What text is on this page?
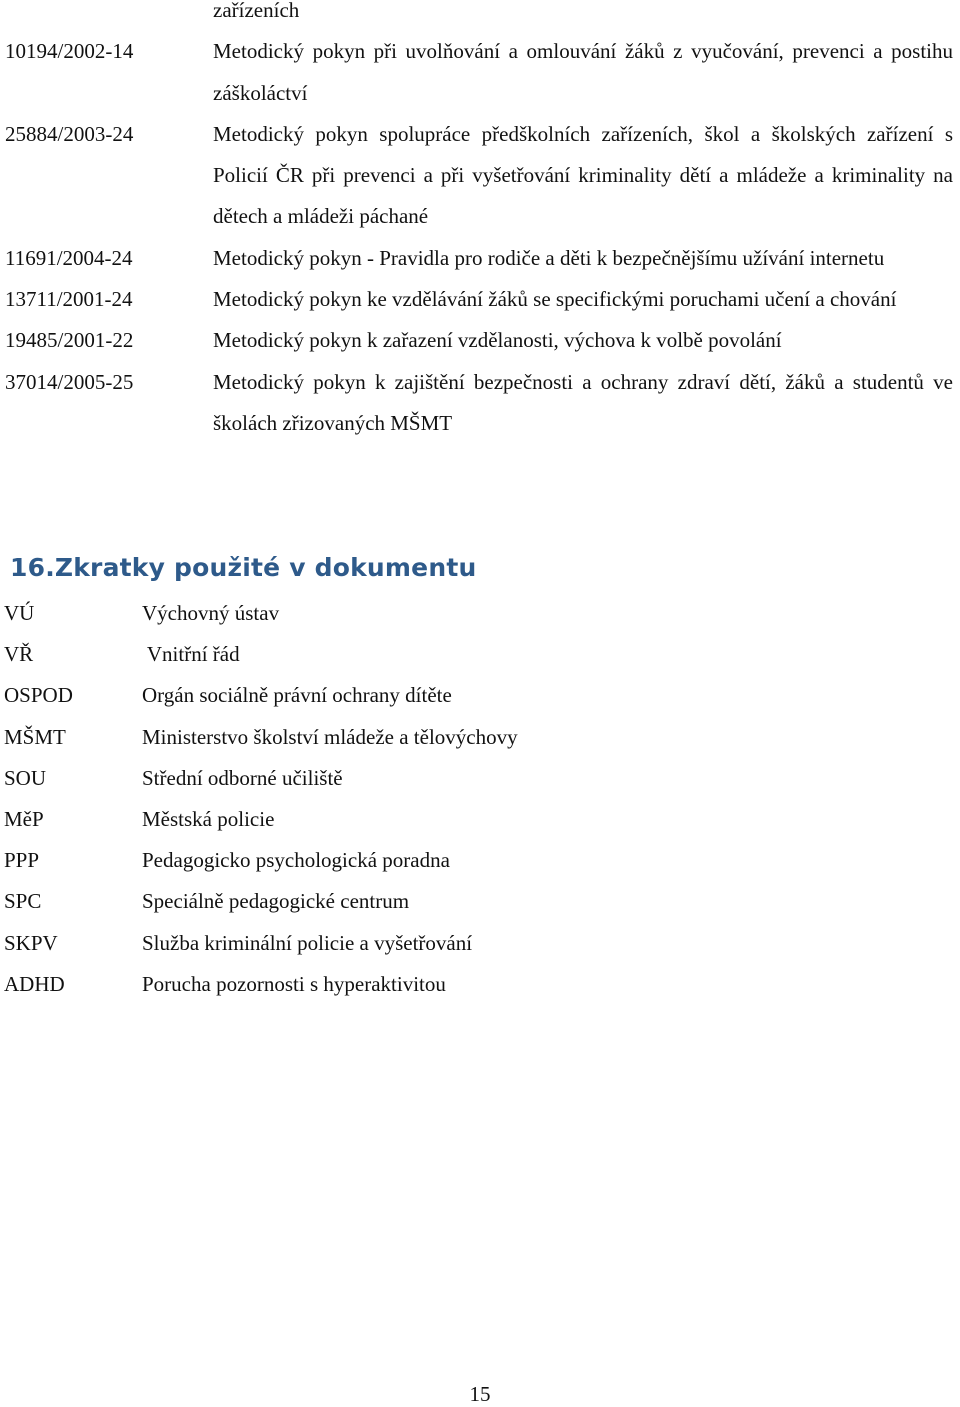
zařízeních
10194/2002-14	Metodický pokyn při uvolňování a omlouvání žáků z vyučování, prevenci a postihu záškoláctví
25884/2003-24	Metodický pokyn spolupráce předškolních zařízeních, škol a školských zařízení s Policií ČR při prevenci a při vyšetřování kriminality dětí a mládeže a kriminality na dětech a mládeži páchané
11691/2004-24	Metodický pokyn - Pravidla pro rodiče a děti k bezpečnějšímu užívání internetu
13711/2001-24	Metodický pokyn ke vzdělávání žáků se specifickými poruchami učení a chování
19485/2001-22	Metodický pokyn k zařazení vzdělanosti, výchova k volbě povolání
37014/2005-25	Metodický pokyn k zajištění bezpečnosti a ochrany zdraví dětí, žáků a studentů ve školách zřizovaných MŠMT
16.Zkratky použité v dokumentu
VÚ	Výchovný ústav
VŘ	Vnitřní řád
OSPOD	Orgán sociálně právní ochrany dítěte
MŠMT	Ministerstvo školství mládeže a tělovýchovy
SOU	Střední odborné učiliště
MěP	Městská policie
PPP	Pedagogicko psychologická poradna
SPC	Speciálně pedagogické centrum
SKPV	Služba kriminální policie a vyšetřování
ADHD	Porucha pozornosti s hyperaktivitou
15
